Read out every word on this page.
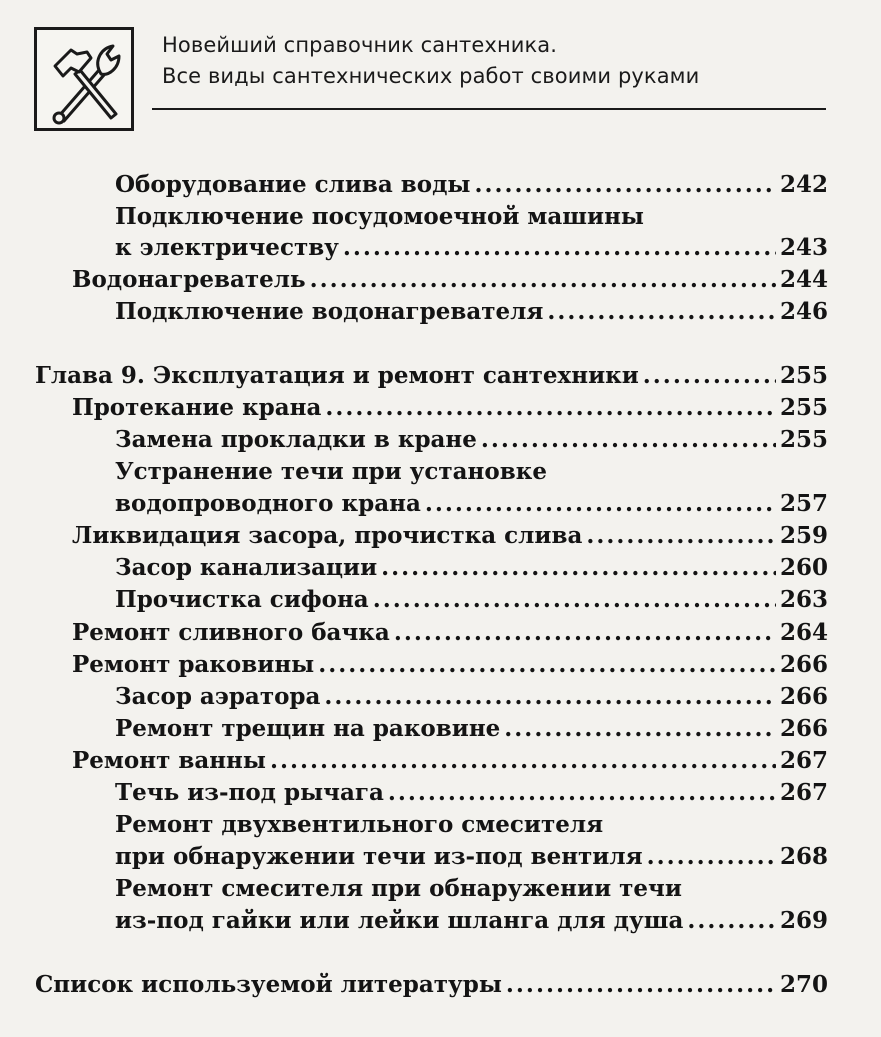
Новейший справочник сантехника.
Все виды сантехнических работ своими руками
Оборудование слива воды .....	242
Подключение посудомоечной машины
к электричеству .....	243
Водонагреватель .....	244
Подключение водонагревателя .....	246
Глава 9. Эксплуатация и ремонт сантехники .....	255
Протекание крана .....	255
Замена прокладки в кране .....	255
Устранение течи при установке
водопроводного крана .....	257
Ликвидация засора, прочистка слива .....	259
Засор канализации .....	260
Прочистка сифона .....	263
Ремонт сливного бачка .....	264
Ремонт раковины .....	266
Засор аэратора .....	266
Ремонт трещин на раковине .....	266
Ремонт ванны .....	267
Течь из-под рычага .....	267
Ремонт двухвентильного смесителя
при обнаружении течи из-под вентиля .....	268
Ремонт смесителя при обнаружении течи
из-под гайки или лейки шланга для душа .....	269
Список используемой литературы .....	270
